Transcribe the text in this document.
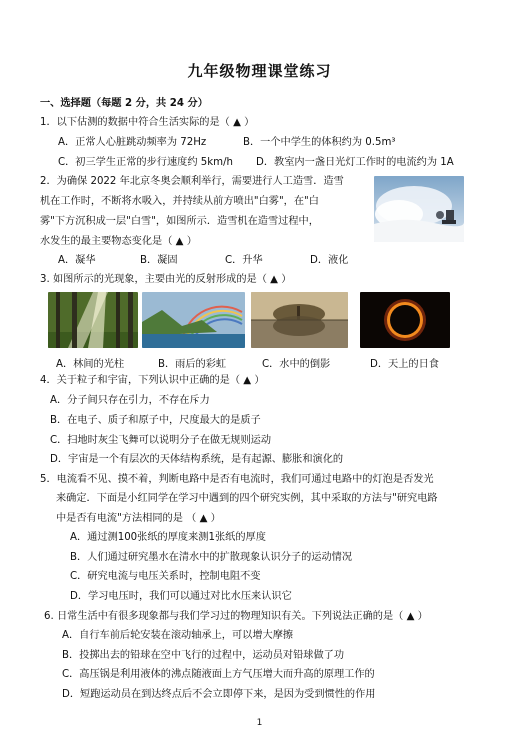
九年级物理课堂练习
一、选择题（每题 2 分，共 24 分）
1．以下估测的数据中符合生活实际的是（ ▲ ）
A．正常人心脏跳动频率为 72Hz	B．一个中学生的体积约为 0.5m³
C．初三学生正常的步行速度约 5km/h D．教室内一盏日光灯工作时的电流约为 1A
2．为确保 2022 年北京冬奥会顺利举行，需要进行人工造雪．造雪
机在工作时，不断将水吸入，并持续从前方喷出"白雾"，在"白
雾"下方沉积成一层"白雪"，如图所示．造雪机在造雪过程中，
水发生的最主要物态变化是（ ▲ ）
A．凝华	B．凝固	C．升华	D．液化
3. 如图所示的光现象，主要由光的反射形成的是（ ▲ ）
A．林间的光柱	B．雨后的彩虹	C．水中的倒影	D．天上的日食
4．关于粒子和宇宙，下列认识中正确的是（ ▲ ）
A．分子间只存在引力，不存在斥力
B．在电子、质子和原子中，尺度最大的是质子
C．扫地时灰尘飞舞可以说明分子在做无规则运动
D．宇宙是一个有层次的天体结构系统，是有起源、膨胀和演化的
5．电流看不见、摸不着，判断电路中是否有电流时，我们可通过电路中的灯泡是否发光
来确定．下面是小红同学在学习中遇到的四个研究实例，其中采取的方法与"研究电路
中是否有电流"方法相同的是 （ ▲ ）
A．通过测100张纸的厚度来测1张纸的厚度
B．人们通过研究墨水在清水中的扩散现象认识分子的运动情况
C．研究电流与电压关系时，控制电阻不变
D．学习电压时，我们可以通过对比水压来认识它
6. 日常生活中有很多现象都与我们学习过的物理知识有关。下列说法正确的是（ ▲ ）
A．自行车前后轮安装在滚动轴承上，可以增大摩擦
B．投掷出去的铅球在空中飞行的过程中，运动员对铅球做了功
C．高压锅是利用液体的沸点随液面上方气压增大而升高的原理工作的
D．短跑运动员在到达终点后不会立即停下来，是因为受到惯性的作用
1
